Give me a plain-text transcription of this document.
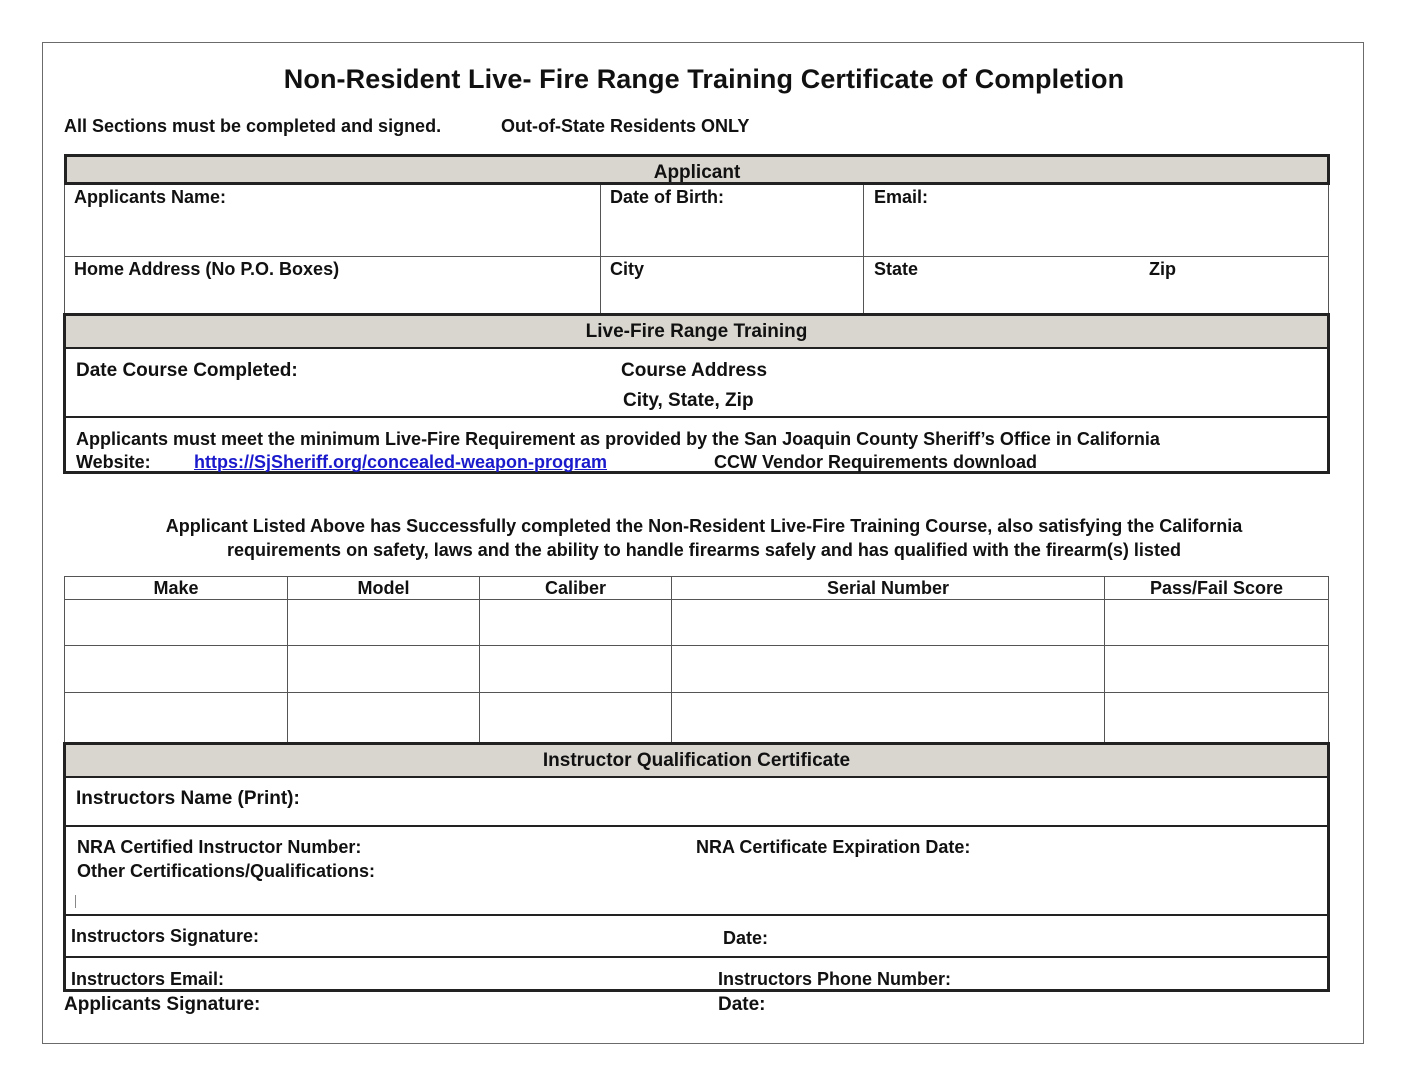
Non-Resident Live- Fire Range Training Certificate of Completion
All Sections must be completed and signed.	Out-of-State Residents ONLY
Applicant
Applicants Name:	Date of Birth:	Email:
Home Address (No P.O. Boxes)	City	State	Zip
Live-Fire Range Training
Date Course Completed:	Course Address
City, State, Zip
Applicants must meet the minimum Live-Fire Requirement as provided by the San Joaquin County Sheriff’s Office in California
Website: https://SjSheriff.org/concealed-weapon-program	CCW Vendor Requirements download
Applicant Listed Above has Successfully completed the Non-Resident Live-Fire Training Course, also satisfying the California
requirements on safety, laws and the ability to handle firearms safely and has qualified with the firearm(s) listed
Make	Model	Caliber	Serial Number	Pass/Fail Score
Instructor Qualification Certificate
Instructors Name (Print):
NRA Certified Instructor Number:	NRA Certificate Expiration Date:
Other Certifications/Qualifications:
Instructors Signature:	Date:
Instructors Email:	Instructors Phone Number:
Applicants Signature:	Date:
